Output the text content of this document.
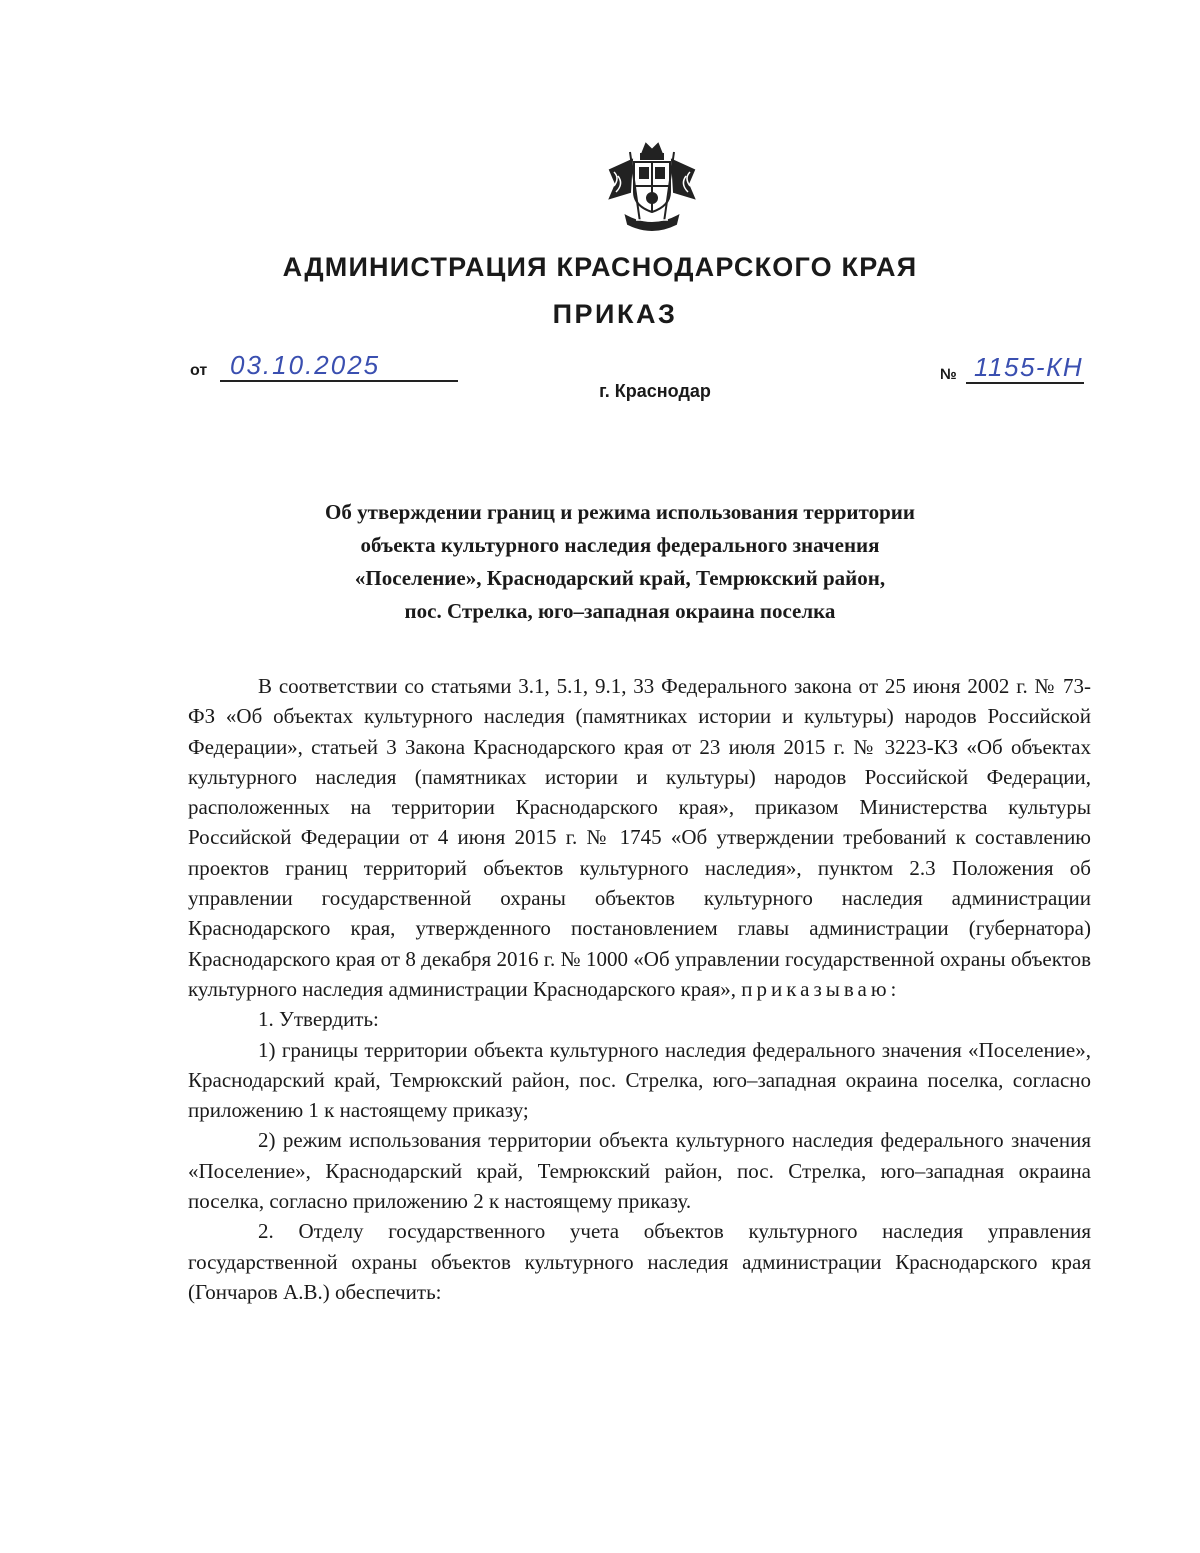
АДМИНИСТРАЦИЯ КРАСНОДАРСКОГО КРАЯ
ПРИКАЗ
от 03.10.2025	№ 1155-КН
г. Краснодар
Об утверждении границ и режима использования территории
объекта культурного наследия федерального значения
«Поселение», Краснодарский край, Темрюкский район,
пос. Стрелка, юго–западная окраина поселка

В соответствии со статьями 3.1, 5.1, 9.1, 33 Федерального закона от 25 июня 2002 г. № 73-ФЗ «Об объектах культурного наследия (памятниках истории и культуры) народов Российской Федерации», статьей 3 Закона Краснодарского края от 23 июля 2015 г. № 3223-КЗ «Об объектах культурного наследия (памятниках истории и культуры) народов Российской Федерации, расположенных на территории Краснодарского края», приказом Министерства культуры Российской Федерации от 4 июня 2015 г. № 1745 «Об утверждении требований к составлению проектов границ территорий объектов культурного наследия», пунктом 2.3 Положения об управлении государственной охраны объектов культурного наследия администрации Краснодарского края, утвержденного постановлением главы администрации (губернатора) Краснодарского края от 8 декабря 2016 г. № 1000 «Об управлении государственной охраны объектов культурного наследия администрации Краснодарского края», приказываю:

1. Утвердить:

1) границы территории объекта культурного наследия федерального значения «Поселение», Краснодарский край, Темрюкский район, пос. Стрелка, юго–западная окраина поселка, согласно приложению 1 к настоящему приказу;

2) режим использования территории объекта культурного наследия федерального значения «Поселение», Краснодарский край, Темрюкский район, пос. Стрелка, юго–западная окраина поселка, согласно приложению 2 к настоящему приказу.

2. Отделу государственного учета объектов культурного наследия управления государственной охраны объектов культурного наследия администрации Краснодарского края (Гончаров А.В.) обеспечить:
